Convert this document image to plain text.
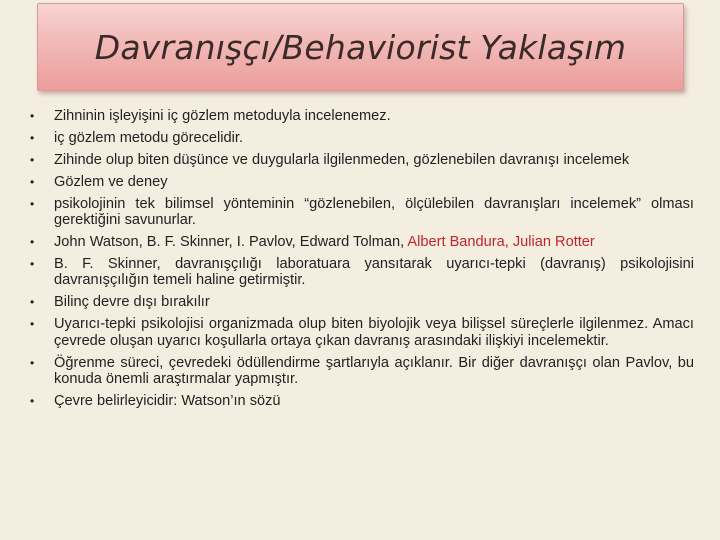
Davranışçı/Behaviorist Yaklaşım
• Zihninin işleyişini iç gözlem metoduyla incelenemez.
• iç gözlem metodu görecelidir.
• Zihinde olup biten düşünce ve duygularla ilgilenmeden, gözlenebilen davranışı incelemek
• Gözlem ve deney
• psikolojinin tek bilimsel yönteminin “gözlenebilen, ölçülebilen davranışları incelemek” olması gerektiğini savunurlar.
• John Watson, B. F. Skinner, I. Pavlov, Edward Tolman, Albert Bandura, Julian Rotter
• B. F. Skinner, davranışçılığı laboratuara yansıtarak uyarıcı-tepki (davranış) psikolojisini davranışçılığın temeli haline getirmiştir.
• Bilinç devre dışı bırakılır
• Uyarıcı-tepki psikolojisi organizmada olup biten biyolojik veya bilişsel süreçlerle ilgilenmez. Amacı çevrede oluşan uyarıcı koşullarla ortaya çıkan davranış arasındaki ilişkiyi incelemektir.
• Öğrenme süreci, çevredeki ödüllendirme şartlarıyla açıklanır. Bir diğer davranışçı olan Pavlov, bu konuda önemli araştırmalar yapmıştır.
• Çevre belirleyicidir: Watson’ın sözü
